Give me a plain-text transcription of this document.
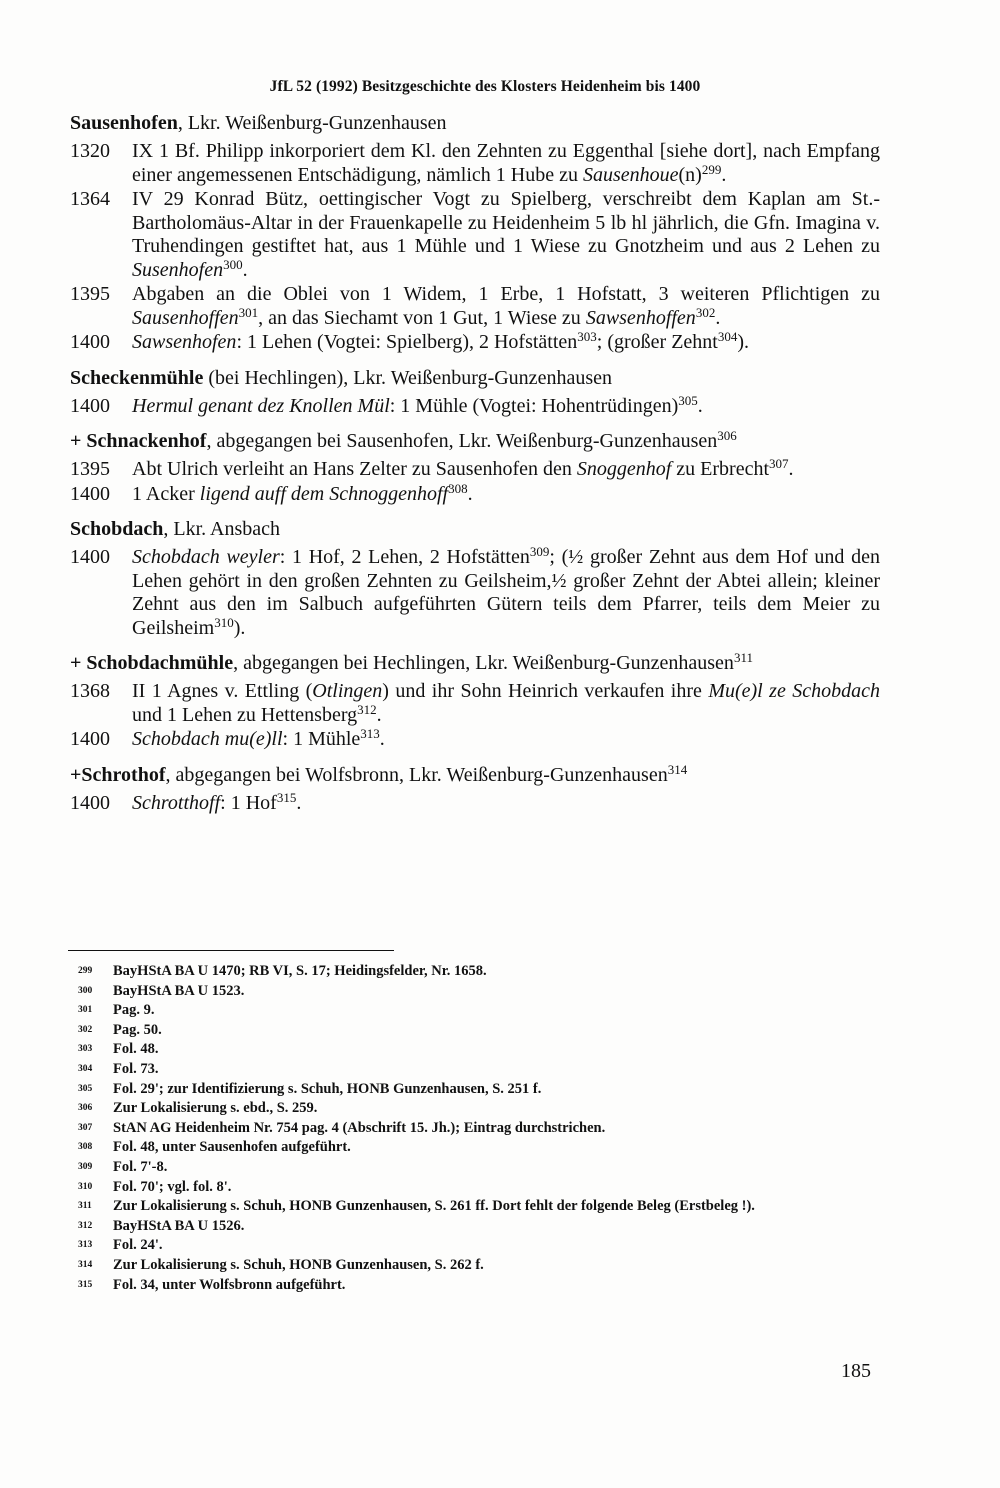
JfL 52 (1992) Besitzgeschichte des Klosters Heidenheim bis 1400
Sausenhofen, Lkr. Weißenburg-Gunzenhausen
1320	IX 1 Bf. Philipp inkorporiert dem Kl. den Zehnten zu Eggenthal [siehe dort], nach Empfang einer angemessenen Entschädigung, nämlich 1 Hube zu $Sausenhoue(n)^{299}$.
1364	IV 29 Konrad Bütz, oettingischer Vogt zu Spielberg, verschreibt dem Kaplan am St.-Bartholomäus-Altar in der Frauenkapelle zu Heidenheim 5 lb hl jährlich, die Gfn. Imagina v. Truhendingen gestiftet hat, aus 1 Mühle und 1 Wiese zu Gnotzheim und aus 2 Lehen zu Susenhofen$^{300}$.
1395	Abgaben an die Oblei von 1 Widem, 1 Erbe, 1 Hofstatt, 3 weiteren Pflichtigen zu Sausenhoffen$^{301}$, an das Siechamt von 1 Gut, 1 Wiese zu Sawsenhoffen$^{302}$.
1400	Sawsenhofen: 1 Lehen (Vogtei: Spielberg), 2 Hofstätten$^{303}$; (großer Zehnt$^{304}$).
Scheckenmühle (bei Hechlingen), Lkr. Weißenburg-Gunzenhausen
1400	Hermul genant dez Knollen Mül: 1 Mühle (Vogtei: Hohentrüdingen)$^{305}$.
+ Schnackenhof, abgegangen bei Sausenhofen, Lkr. Weißenburg-Gunzenhausen$^{306}$
1395	Abt Ulrich verleiht an Hans Zelter zu Sausenhofen den Snoggenhof zu Erbrecht$^{307}$.
1400	1 Acker ligend auff dem Schnoggenhoff$^{308}$.
Schobdach, Lkr. Ansbach
1400	Schobdach weyler: 1 Hof, 2 Lehen, 2 Hofstätten$^{309}$; (½ großer Zehnt aus dem Hof und den Lehen gehört in den großen Zehnten zu Geilsheim,½ großer Zehnt der Abtei allein; kleiner Zehnt aus den im Salbuch aufgeführten Gütern teils dem Pfarrer, teils dem Meier zu Geilsheim$^{310}$).
+ Schobdachmühle, abgegangen bei Hechlingen, Lkr. Weißenburg-Gunzenhausen$^{311}$
1368	II 1 Agnes v. Ettling (Otlingen) und ihr Sohn Heinrich verkaufen ihre Mu(e)l ze Schobdach und 1 Lehen zu Hettensberg$^{312}$.
1400	Schobdach mu(e)ll: 1 Mühle$^{313}$.
+Schrothof, abgegangen bei Wolfsbronn, Lkr. Weißenburg-Gunzenhausen$^{314}$
1400	Schrotthoff: 1 Hof$^{315}$.
299	BayHStA BA U 1470; RB VI, S. 17; Heidingsfelder, Nr. 1658.
300	BayHStA BA U 1523.
301	Pag. 9.
302	Pag. 50.
303	Fol. 48.
304	Fol. 73.
305	Fol. 29'; zur Identifizierung s. Schuh, HONB Gunzenhausen, S. 251 f.
306	Zur Lokalisierung s. ebd., S. 259.
307	StAN AG Heidenheim Nr. 754 pag. 4 (Abschrift 15. Jh.); Eintrag durchstrichen.
308	Fol. 48, unter Sausenhofen aufgeführt.
309	Fol. 7'-8.
310	Fol. 70'; vgl. fol. 8'.
311	Zur Lokalisierung s. Schuh, HONB Gunzenhausen, S. 261 ff. Dort fehlt der folgende Beleg (Erstbeleg !).
312	BayHStA BA U 1526.
313	Fol. 24'.
314	Zur Lokalisierung s. Schuh, HONB Gunzenhausen, S. 262 f.
315	Fol. 34, unter Wolfsbronn aufgeführt.
185
